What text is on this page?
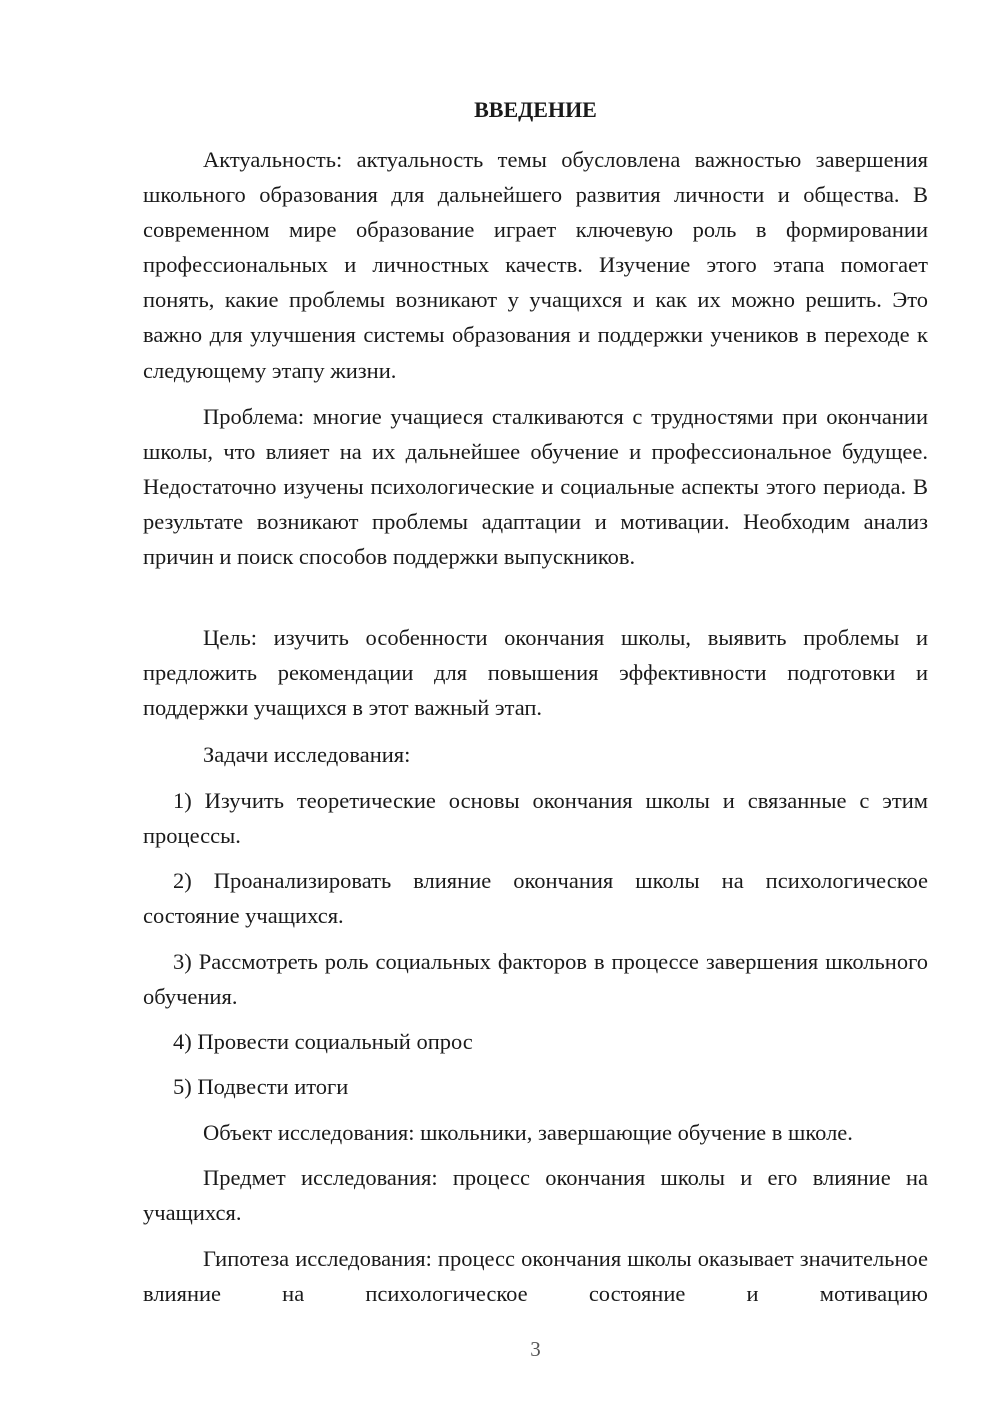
ВВЕДЕНИЕ

Актуальность: актуальность темы обусловлена важностью завершения школьного образования для дальнейшего развития личности и общества. В современном мире образование играет ключевую роль в формировании профессиональных и личностных качеств. Изучение этого этапа помогает понять, какие проблемы возникают у учащихся и как их можно решить. Это важно для улучшения системы образования и поддержки учеников в переходе к следующему этапу жизни.

Проблема: многие учащиеся сталкиваются с трудностями при окончании школы, что влияет на их дальнейшее обучение и профессиональное будущее. Недостаточно изучены психологические и социальные аспекты этого периода. В результате возникают проблемы адаптации и мотивации. Необходим анализ причин и поиск способов поддержки выпускников.

Цель: изучить особенности окончания школы, выявить проблемы и предложить рекомендации для повышения эффективности подготовки и поддержки учащихся в этот важный этап.

Задачи исследования:

1) Изучить теоретические основы окончания школы и связанные с этим процессы.

2) Проанализировать влияние окончания школы на психологическое состояние учащихся.

3) Рассмотреть роль социальных факторов в процессе завершения школьного обучения.

4) Провести социальный опрос

5) Подвести итоги

Объект исследования: школьники, завершающие обучение в школе.

Предмет исследования: процесс окончания школы и его влияние на учащихся.

Гипотеза исследования: процесс окончания школы оказывает значительное влияние на психологическое состояние и мотивацию

3
